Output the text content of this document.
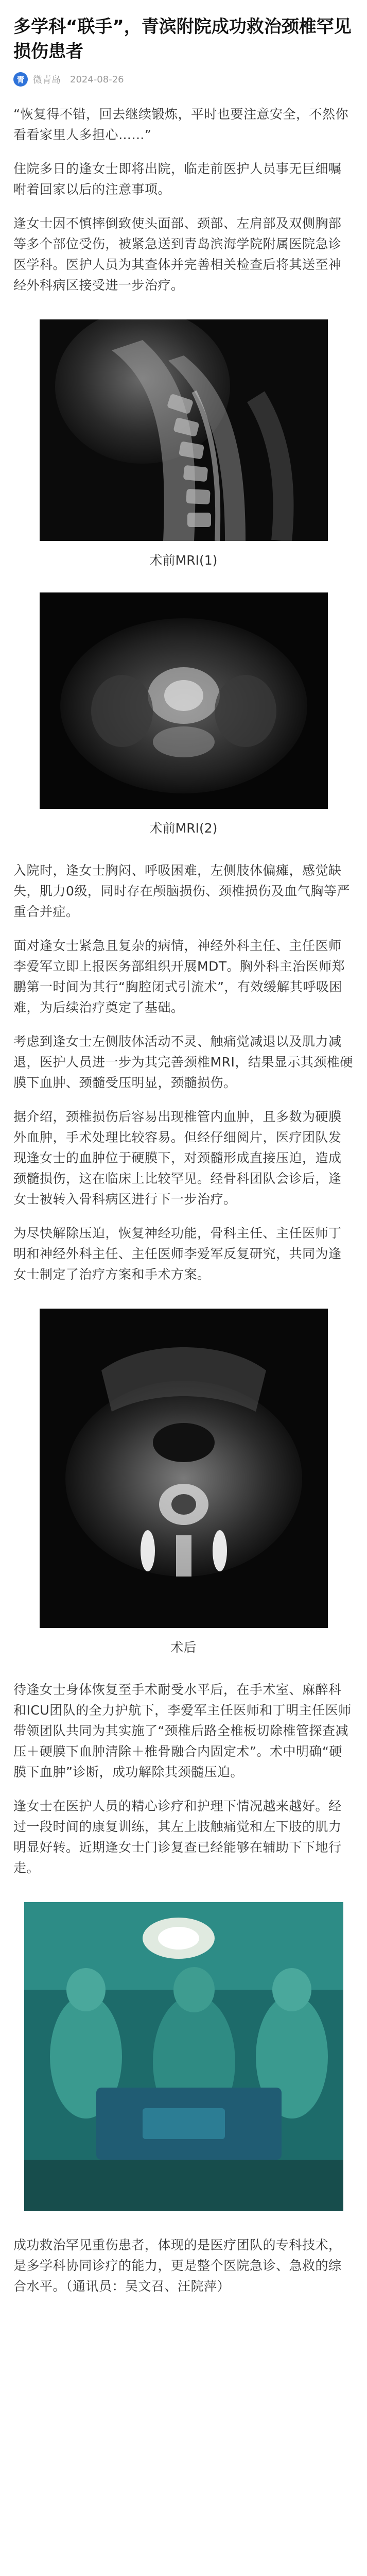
多学科“联手”，青滨附院成功救治颈椎罕见损伤患者
青 微青岛 2024-08-26

“恢复得不错，回去继续锻炼，平时也要注意安全，不然你看看家里人多担心……”

住院多日的逢女士即将出院，临走前医护人员事无巨细嘱咐着回家以后的注意事项。

逢女士因不慎摔倒致使头面部、颈部、左肩部及双侧胸部等多个部位受伤，被紧急送到青岛滨海学院附属医院急诊医学科。医护人员为其查体并完善相关检查后将其送至神经外科病区接受进一步治疗。

术前MRI(1)
术前MRI(2)

入院时，逢女士胸闷、呼吸困难，左侧肢体偏瘫，感觉缺失，肌力0级，同时存在颅脑损伤、颈椎损伤及血气胸等严重合并症。

面对逢女士紧急且复杂的病情，神经外科主任、主任医师李爱军立即上报医务部组织开展MDT。胸外科主治医师郑鹏第一时间为其行“胸腔闭式引流术”，有效缓解其呼吸困难，为后续治疗奠定了基础。

考虑到逢女士左侧肢体活动不灵、触痛觉减退以及肌力减退，医护人员进一步为其完善颈椎MRI，结果显示其颈椎硬膜下血肿、颈髓受压明显，颈髓损伤。

据介绍，颈椎损伤后容易出现椎管内血肿，且多数为硬膜外血肿，手术处理比较容易。但经仔细阅片，医疗团队发现逢女士的血肿位于硬膜下，对颈髓形成直接压迫，造成颈髓损伤，这在临床上比较罕见。经骨科团队会诊后，逢女士被转入骨科病区进行下一步治疗。

为尽快解除压迫，恢复神经功能，骨科主任、主任医师丁明和神经外科主任、主任医师李爱军反复研究，共同为逢女士制定了治疗方案和手术方案。

术后

待逢女士身体恢复至手术耐受水平后，在手术室、麻醉科和ICU团队的全力护航下，李爱军主任医师和丁明主任医师带领团队共同为其实施了“颈椎后路全椎板切除椎管探查减压＋硬膜下血肿清除＋椎骨融合内固定术”。术中明确“硬膜下血肿”诊断，成功解除其颈髓压迫。

逢女士在医护人员的精心诊疗和护理下情况越来越好。经过一段时间的康复训练，其左上肢触痛觉和左下肢的肌力明显好转。近期逢女士门诊复查已经能够在辅助下下地行走。

成功救治罕见重伤患者，体现的是医疗团队的专科技术，是多学科协同诊疗的能力，更是整个医院急诊、急救的综合水平。（通讯员：吴文召、汪院萍）
